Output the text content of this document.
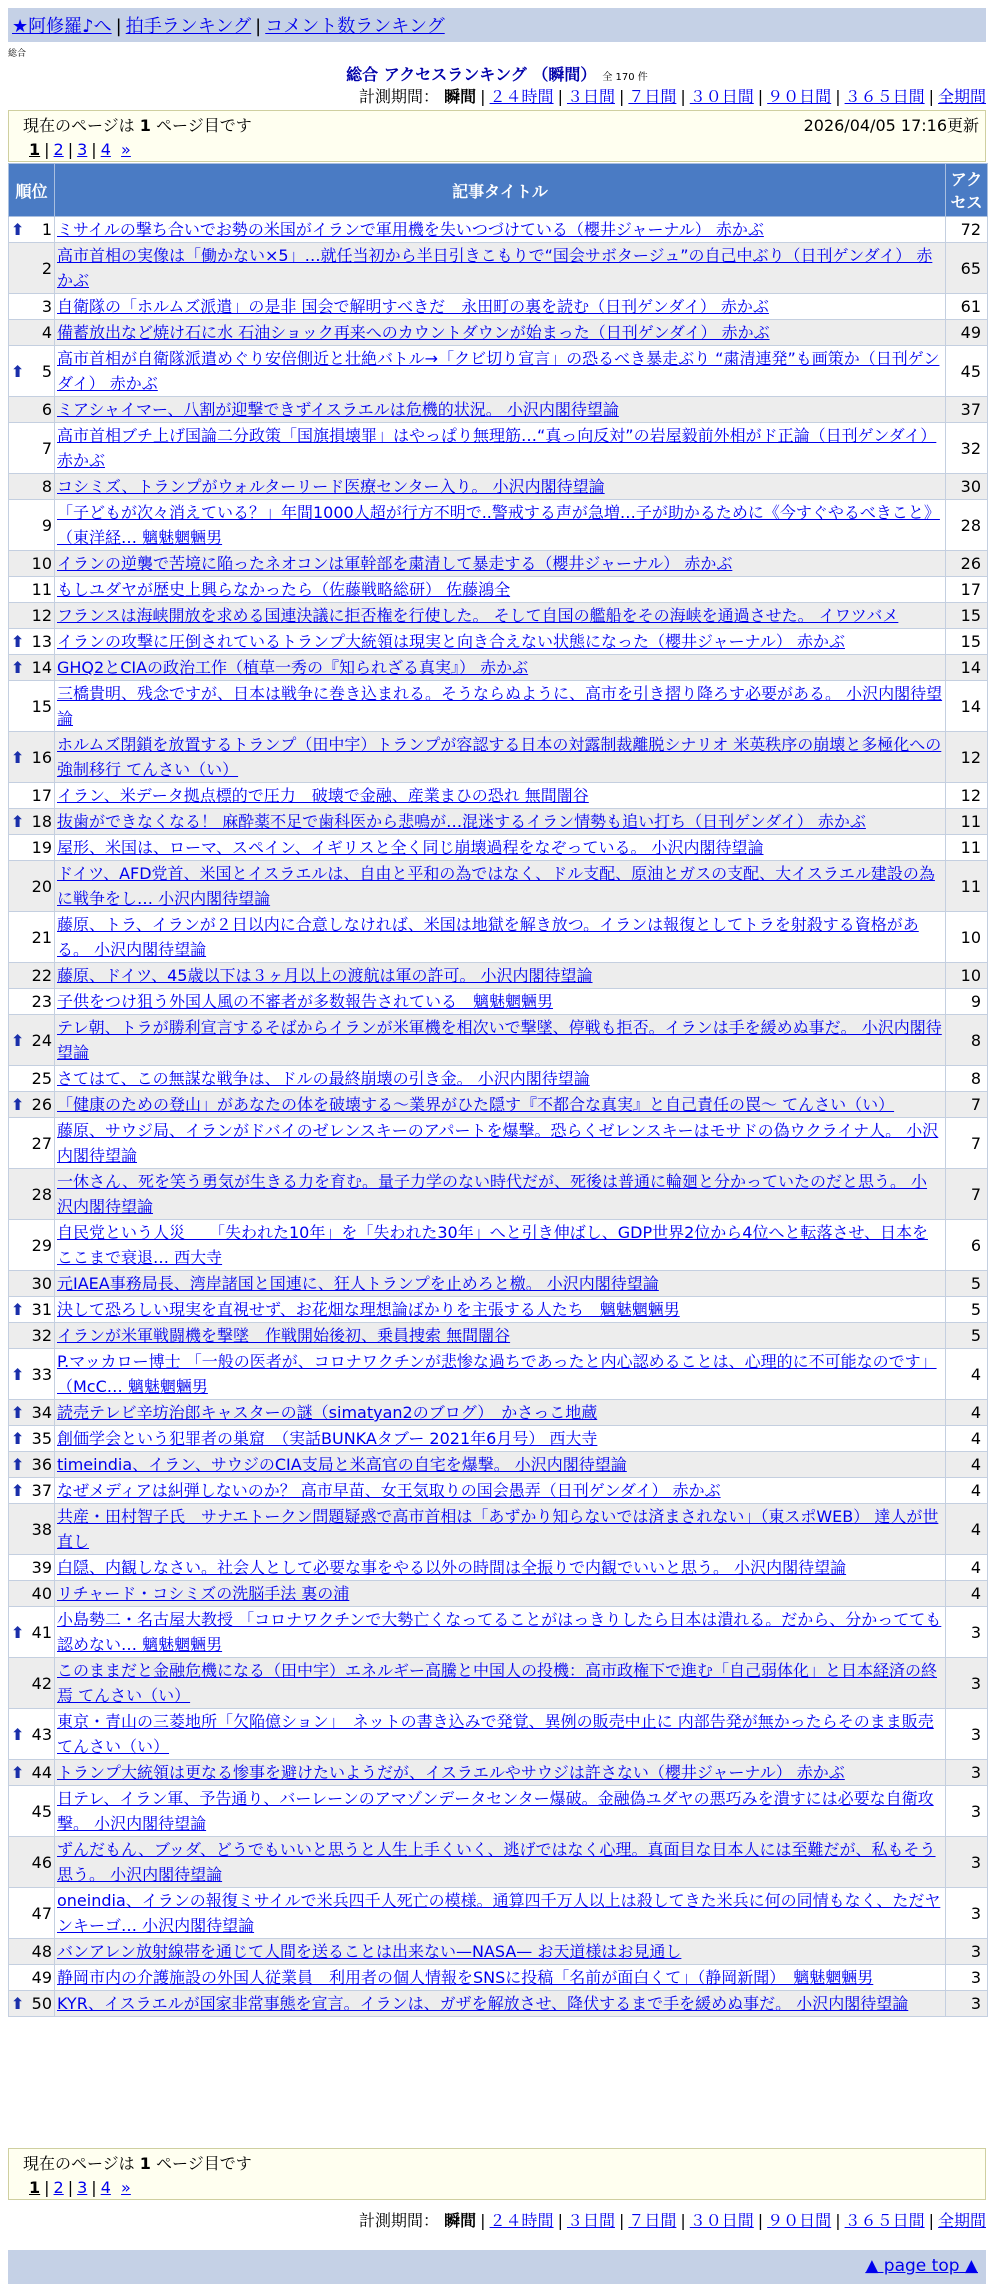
★阿修羅♪へ | 拍手ランキング | コメント数ランキング
総合
総合 アクセスランキング （瞬間） 全 170 件
計測期間： 瞬間 | ２４時間 | ３日間 | ７日間 | ３０日間 | ９０日間 | ３６５日間 | 全期間
現在のページは 1 ページ目です	2026/04/05 17:16更新
1 | 2 | 3 | 4 »
順位	記事タイトル	アクセス

⬆ 1	ミサイルの撃ち合いでお勢の米国がイランで軍用機を失いつづけている（櫻井ジャーナル） 赤かぶ	72
2	高市首相の実像は「働かない×5」…就任当初から半日引きこもりで“国会サボタージュ”の自己中ぶり（日刊ゲンダイ） 赤かぶ	65
3	自衛隊の「ホルムズ派遣」の是非 国会で解明すべきだ　永田町の裏を読む（日刊ゲンダイ） 赤かぶ	61
4	備蓄放出など焼け石に水 石油ショック再来へのカウントダウンが始まった（日刊ゲンダイ） 赤かぶ	49

⬆ 5	高市首相が自衛隊派遣めぐり安倍側近と壮絶バトル→「クビ切り宣言」の恐るべき暴走ぶり “粛清連発”も画策か（日刊ゲンダイ） 赤かぶ	45
6	ミアシャイマー、八割が迎撃できずイスラエルは危機的状況。 小沢内閣待望論	37
7	高市首相ブチ上げ国論二分政策「国旗損壊罪」はやっぱり無理筋…“真っ向反対”の岩屋毅前外相がド正論（日刊ゲンダイ） 赤かぶ	32
8	コシミズ、トランプがウォルターリード医療センター入り。 小沢内閣待望論	30
9	「子どもが次々消えている？」年間1000人超が行方不明で..警戒する声が急増…子が助かるために《今すぐやるべきこと》（東洋経… 魑魅魍魎男	28
10	イランの逆襲で苦境に陥ったネオコンは軍幹部を粛清して暴走する（櫻井ジャーナル） 赤かぶ	26
11	もしユダヤが歴史上興らなかったら（佐藤戦略総研） 佐藤鴻全	17
12	フランスは海峡開放を求める国連決議に拒否権を行使した。 そして自国の艦船をその海峡を通過させた。 イワツバメ	15

⬆ 13	イランの攻撃に圧倒されているトランプ大統領は現実と向き合えない状態になった（櫻井ジャーナル） 赤かぶ	15

⬆ 14	GHQ2とCIAの政治工作（植草一秀の『知られざる真実』） 赤かぶ	14
15	三橋貴明、残念ですが、日本は戦争に巻き込まれる。そうならぬように、高市を引き摺り降ろす必要がある。 小沢内閣待望論	14

⬆ 16	ホルムズ閉鎖を放置するトランプ（田中宇）トランプが容認する日本の対露制裁離脱シナリオ 米英秩序の崩壊と多極化への強制移行 てんさい（い）	12
17	イラン、米データ拠点標的で圧力　破壊で金融、産業まひの恐れ 無間闇谷	12

⬆ 18	抜歯ができなくなる！ 麻酔薬不足で歯科医から悲鳴が…混迷するイラン情勢も追い打ち（日刊ゲンダイ） 赤かぶ	11
19	屋形、米国は、ローマ、スペイン、イギリスと全く同じ崩壊過程をなぞっている。 小沢内閣待望論	11
20	ドイツ、AFD党首、米国とイスラエルは、自由と平和の為ではなく、ドル支配、原油とガスの支配、大イスラエル建設の為に戦争をし… 小沢内閣待望論	11
21	藤原、トラ、イランが２日以内に合意しなければ、米国は地獄を解き放つ。イランは報復としてトラを射殺する資格がある。 小沢内閣待望論	10
22	藤原、ドイツ、45歳以下は３ヶ月以上の渡航は軍の許可。 小沢内閣待望論	10
23	子供をつけ狙う外国人風の不審者が多数報告されている　魑魅魍魎男	9

⬆ 24	テレ朝、トラが勝利宣言するそばからイランが米軍機を相次いで撃墜、停戦も拒否。イランは手を緩めぬ事だ。 小沢内閣待望論	8
25	さてはて、この無謀な戦争は、ドルの最終崩壊の引き金。 小沢内閣待望論	8

⬆ 26	「健康のための登山」があなたの体を破壊する～業界がひた隠す『不都合な真実』と自己責任の罠～ てんさい（い）	7
27	藤原、サウジ局、イランがドバイのゼレンスキーのアパートを爆撃。恐らくゼレンスキーはモサドの偽ウクライナ人。 小沢内閣待望論	7
28	一休さん、死を笑う勇気が生きる力を育む。量子力学のない時代だが、死後は普通に輪廻と分かっていたのだと思う。 小沢内閣待望論	7
29	自民党という人災　　「失われた10年」を「失われた30年」へと引き伸ばし、GDP世界2位から4位へと転落させ、日本をここまで衰退… 西大寺	6
30	元IAEA事務局長、湾岸諸国と国連に、狂人トランプを止めろと檄。 小沢内閣待望論	5

⬆ 31	決して恐ろしい現実を直視せず、お花畑な理想論ばかりを主張する人たち　魑魅魍魎男	5
32	イランが米軍戦闘機を撃墜　作戦開始後初、乗員捜索 無間闇谷	5

⬆ 33	P.マッカロー博士 「一般の医者が、コロナワクチンが悲惨な過ちであったと内心認めることは、心理的に不可能なのです」（McC… 魑魅魍魎男	4

⬆ 34	読売テレビ辛坊治郎キャスターの謎（simatyan2のブログ）　かさっこ地蔵	4

⬆ 35	創価学会という犯罪者の巣窟　（実話BUNKAタブー 2021年6月号） 西大寺	4

⬆ 36	timeindia、イラン、サウジのCIA支局と米高官の自宅を爆撃。 小沢内閣待望論	4

⬆ 37	なぜメディアは糾弾しないのか？ 高市早苗、女王気取りの国会愚弄（日刊ゲンダイ） 赤かぶ	4
38	共産・田村智子氏　サナエトークン問題疑惑で高市首相は「あずかり知らないでは済まされない」（東スポWEB） 達人が世直し	4
39	白隠、内観しなさい。社会人として必要な事をやる以外の時間は全振りで内観でいいと思う。 小沢内閣待望論	4
40	リチャード・コシミズの洗脳手法 裏の浦	4

⬆ 41	小島勢二・名古屋大教授 「コロナワクチンで大勢亡くなってることがはっきりしたら日本は潰れる。だから、分かってても認めない… 魑魅魍魎男	3
42	このままだと金融危機になる（田中宇）エネルギー高騰と中国人の投機：高市政権下で進む「自己弱体化」と日本経済の終焉 てんさい（い）	3

⬆ 43	東京・青山の三菱地所「欠陥億ション」　ネットの書き込みで発覚、異例の販売中止に 内部告発が無かったらそのまま販売 てんさい（い）	3

⬆ 44	トランプ大統領は更なる惨事を避けたいようだが、イスラエルやサウジは許さない（櫻井ジャーナル） 赤かぶ	3
45	日テレ、イラン軍、予告通り、バーレーンのアマゾンデータセンター爆破。金融偽ユダヤの悪巧みを潰すには必要な自衛攻撃。 小沢内閣待望論	3
46	ずんだもん、ブッダ、どうでもいいと思うと人生上手くいく、逃げではなく心理。真面目な日本人には至難だが、私もそう思う。 小沢内閣待望論	3
47	oneindia、イランの報復ミサイルで米兵四千人死亡の模様。通算四千万人以上は殺してきた米兵に何の同情もなく、ただヤンキーゴ… 小沢内閣待望論	3
48	バンアレン放射線帯を通じて人間を送ることは出来ない—NASA— お天道様はお見通し	3
49	静岡市内の介護施設の外国人従業員　利用者の個人情報をSNSに投稿「名前が面白くて」（静岡新聞）　魑魅魍魎男	3

⬆ 50	KYR、イスラエルが国家非常事態を宣言。イランは、ガザを解放させ、降伏するまで手を緩めぬ事だ。 小沢内閣待望論	3
現在のページは 1 ページ目です
1 | 2 | 3 | 4 »
計測期間： 瞬間 | ２４時間 | ３日間 | ７日間 | ３０日間 | ９０日間 | ３６５日間 | 全期間
▲ page top ▲
